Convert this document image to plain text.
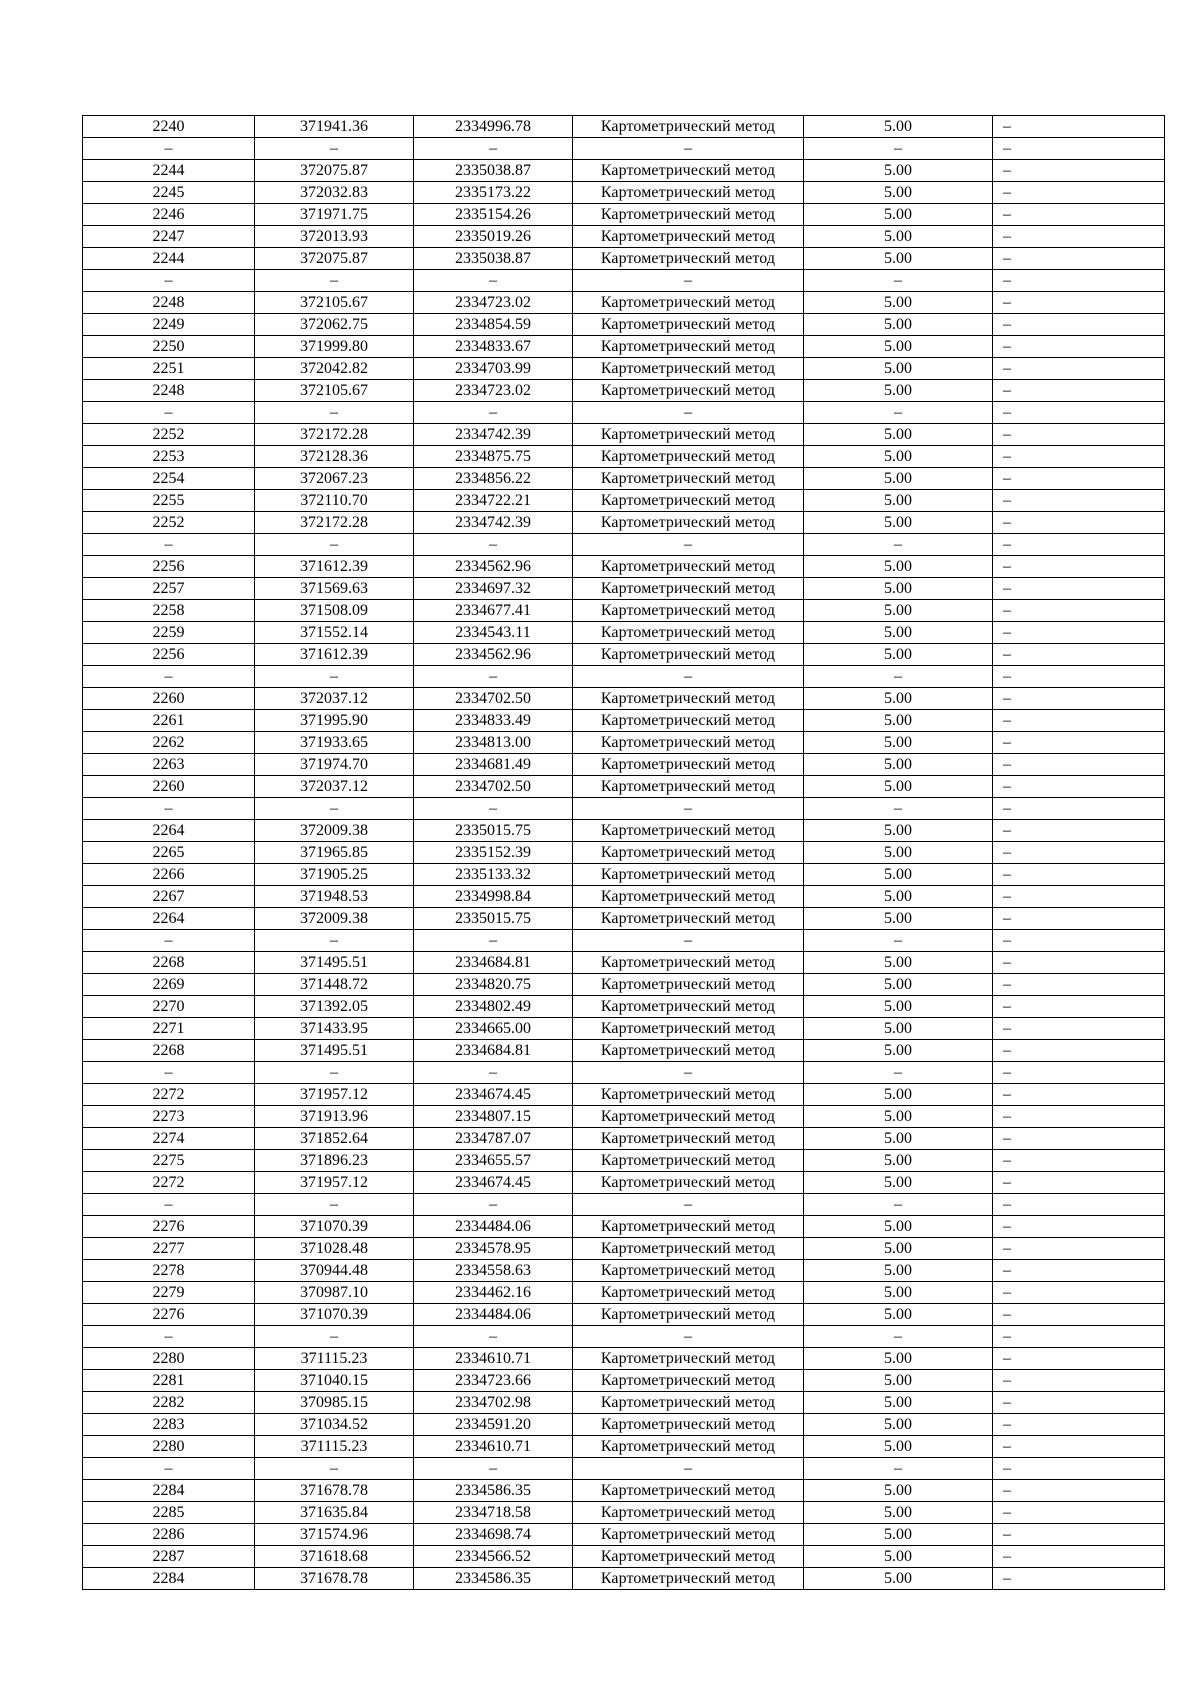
2240	371941.36	2334996.78	Картометрический метод	5.00	–
–	–	–	–	–	–
2244	372075.87	2335038.87	Картометрический метод	5.00	–
2245	372032.83	2335173.22	Картометрический метод	5.00	–
2246	371971.75	2335154.26	Картометрический метод	5.00	–
2247	372013.93	2335019.26	Картометрический метод	5.00	–
2244	372075.87	2335038.87	Картометрический метод	5.00	–
–	–	–	–	–	–
2248	372105.67	2334723.02	Картометрический метод	5.00	–
2249	372062.75	2334854.59	Картометрический метод	5.00	–
2250	371999.80	2334833.67	Картометрический метод	5.00	–
2251	372042.82	2334703.99	Картометрический метод	5.00	–
2248	372105.67	2334723.02	Картометрический метод	5.00	–
–	–	–	–	–	–
2252	372172.28	2334742.39	Картометрический метод	5.00	–
2253	372128.36	2334875.75	Картометрический метод	5.00	–
2254	372067.23	2334856.22	Картометрический метод	5.00	–
2255	372110.70	2334722.21	Картометрический метод	5.00	–
2252	372172.28	2334742.39	Картометрический метод	5.00	–
–	–	–	–	–	–
2256	371612.39	2334562.96	Картометрический метод	5.00	–
2257	371569.63	2334697.32	Картометрический метод	5.00	–
2258	371508.09	2334677.41	Картометрический метод	5.00	–
2259	371552.14	2334543.11	Картометрический метод	5.00	–
2256	371612.39	2334562.96	Картометрический метод	5.00	–
–	–	–	–	–	–
2260	372037.12	2334702.50	Картометрический метод	5.00	–
2261	371995.90	2334833.49	Картометрический метод	5.00	–
2262	371933.65	2334813.00	Картометрический метод	5.00	–
2263	371974.70	2334681.49	Картометрический метод	5.00	–
2260	372037.12	2334702.50	Картометрический метод	5.00	–
–	–	–	–	–	–
2264	372009.38	2335015.75	Картометрический метод	5.00	–
2265	371965.85	2335152.39	Картометрический метод	5.00	–
2266	371905.25	2335133.32	Картометрический метод	5.00	–
2267	371948.53	2334998.84	Картометрический метод	5.00	–
2264	372009.38	2335015.75	Картометрический метод	5.00	–
–	–	–	–	–	–
2268	371495.51	2334684.81	Картометрический метод	5.00	–
2269	371448.72	2334820.75	Картометрический метод	5.00	–
2270	371392.05	2334802.49	Картометрический метод	5.00	–
2271	371433.95	2334665.00	Картометрический метод	5.00	–
2268	371495.51	2334684.81	Картометрический метод	5.00	–
–	–	–	–	–	–
2272	371957.12	2334674.45	Картометрический метод	5.00	–
2273	371913.96	2334807.15	Картометрический метод	5.00	–
2274	371852.64	2334787.07	Картометрический метод	5.00	–
2275	371896.23	2334655.57	Картометрический метод	5.00	–
2272	371957.12	2334674.45	Картометрический метод	5.00	–
–	–	–	–	–	–
2276	371070.39	2334484.06	Картометрический метод	5.00	–
2277	371028.48	2334578.95	Картометрический метод	5.00	–
2278	370944.48	2334558.63	Картометрический метод	5.00	–
2279	370987.10	2334462.16	Картометрический метод	5.00	–
2276	371070.39	2334484.06	Картометрический метод	5.00	–
–	–	–	–	–	–
2280	371115.23	2334610.71	Картометрический метод	5.00	–
2281	371040.15	2334723.66	Картометрический метод	5.00	–
2282	370985.15	2334702.98	Картометрический метод	5.00	–
2283	371034.52	2334591.20	Картометрический метод	5.00	–
2280	371115.23	2334610.71	Картометрический метод	5.00	–
–	–	–	–	–	–
2284	371678.78	2334586.35	Картометрический метод	5.00	–
2285	371635.84	2334718.58	Картометрический метод	5.00	–
2286	371574.96	2334698.74	Картометрический метод	5.00	–
2287	371618.68	2334566.52	Картометрический метод	5.00	–
2284	371678.78	2334586.35	Картометрический метод	5.00	–
